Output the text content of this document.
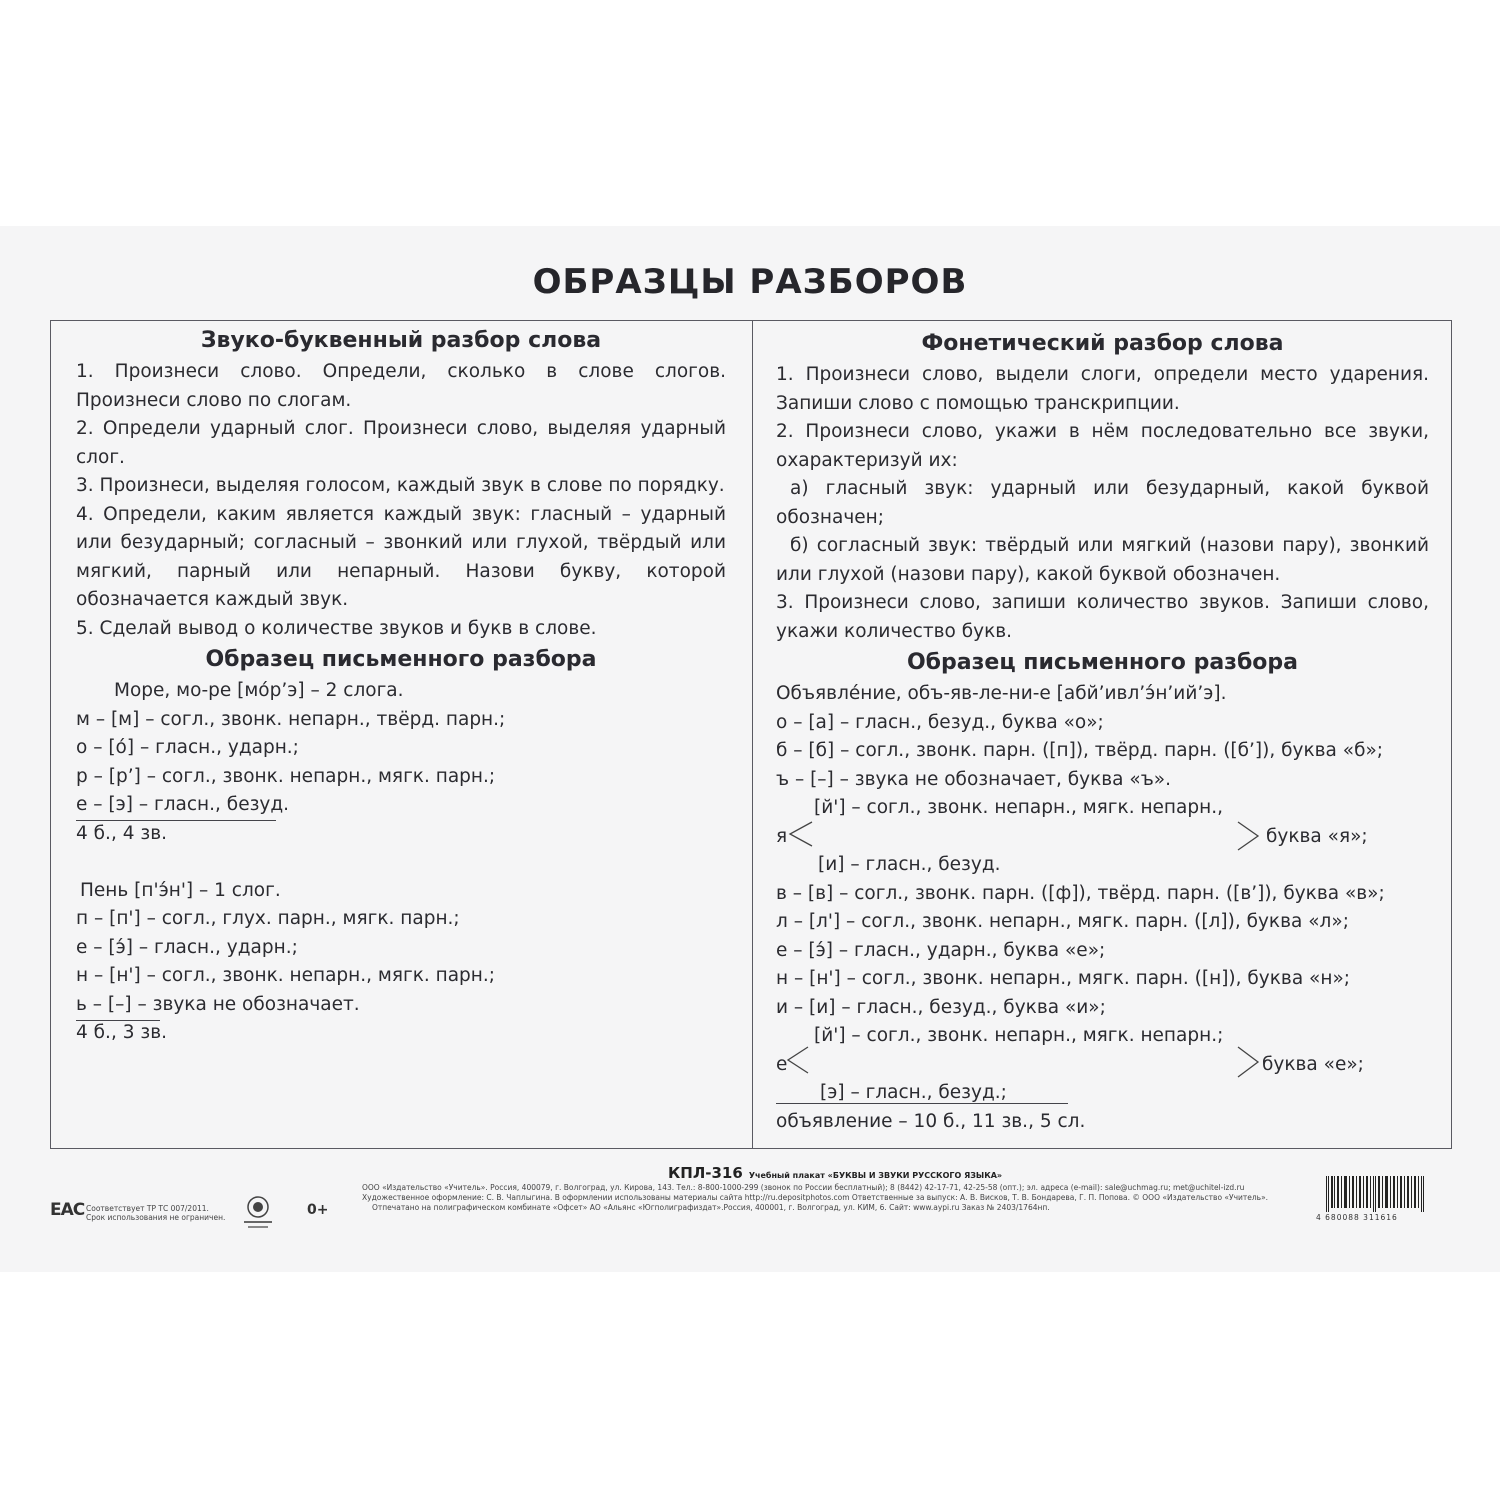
ОБРАЗЦЫ РАЗБОРОВ
Звуко-буквенный разбор слова

1. Произнеси слово. Определи, сколько в слове слогов. Произнеси слово по слогам.

2. Определи ударный слог. Произнеси слово, выделяя ударный слог.

3. Произнеси, выделяя голосом, каждый звук в слове по порядку.

4. Определи, каким является каждый звук: гласный – ударный или безударный; согласный – звонкий или глухой, твёрдый или мягкий, парный или непарный. Назови букву, которой обозначается каждый звук.

5. Сделай вывод о количестве звуков и букв в слове.

Образец письменного разбора

Море, мо-ре [мо́р’э] – 2 слога.

м – [м] – согл., звонк. непарн., твёрд. парн.;

о – [о́] – гласн., ударн.;

р – [р’] – согл., звонк. непарн., мягк. парн.;

е – [э] – гласн., безуд.

4 б., 4 зв.

Пень [п'э́н'] – 1 слог.

п – [п'] – согл., глух. парн., мягк. парн.;

е – [э́] – гласн., ударн.;

н – [н'] – согл., звонк. непарн., мягк. парн.;

ь – [–] – звука не обозначает.

4 б., 3 зв.

Фонетический разбор слова

1. Произнеси слово, выдели слоги, определи место ударения. Запиши слово с помощью транскрипции.

2. Произнеси слово, укажи в нём последовательно все звуки, охарактеризуй их:

а) гласный звук: ударный или безударный, какой буквой обозначен;

б) согласный звук: твёрдый или мягкий (назови пару), звонкий или глухой (назови пару), какой буквой обозначен.

3. Произнеси слово, запиши количество звуков. Запиши слово, укажи количество букв.

Образец письменного разбора

Объявле́ние, объ-яв-ле-ни-е [абй’ивл’э́н’ий’э].

о – [а] – гласн., безуд., буква «о»;

б – [б] – согл., звонк. парн. ([п]), твёрд. парн. ([б’]), буква «б»;

ъ – [–] – звука не обозначает, буква «ъ».

[й'] – согл., звонк. непарн., мягк. непарн.,

я	буква «я»;

[и] – гласн., безуд.

в – [в] – согл., звонк. парн. ([ф]), твёрд. парн. ([в’]), буква «в»;

л – [л'] – согл., звонк. непарн., мягк. парн. ([л]), буква «л»;

е – [э́] – гласн., ударн., буква «е»;

н – [н'] – согл., звонк. непарн., мягк. парн. ([н]), буква «н»;

и – [и] – гласн., безуд., буква «и»;

[й'] – согл., звонк. непарн., мягк. непарн.;

е	буква «е»;

[э] – гласн., безуд.;

объявление – 10 б., 11 зв., 5 сл.

КПЛ-316 Учебный плакат «БУКВЫ И ЗВУКИ РУССКОГО ЯЗЫКА»
ООО «Издательство «Учитель». Россия, 400079, г. Волгоград, ул. Кирова, 143. Тел.: 8-800-1000-299 (звонок по России бесплатный); 8 (8442) 42-17-71, 42-25-58 (опт.); эл. адреса (e-mail): sale@uchmag.ru; met@uchitel-izd.ru
Художественное оформление: С. В. Чаплыгина. В оформлении использованы материалы сайта http://ru.depositphotos.com Ответственные за выпуск: А. В. Висков, Т. В. Бондарева, Г. П. Попова. © ООО «Издательство «Учитель».
Отпечатано на полиграфическом комбинате «Офсет» АО «Альянс «Югполиграфиздат».Россия, 400001, г. Волгоград, ул. КИМ, 6. Сайт: www.aypi.ru Заказ № 2403/1764нп.
ЕАС Соответствует ТР ТС 007/2011.
Срок использования не ограничен.	0+	4 680088 311616
